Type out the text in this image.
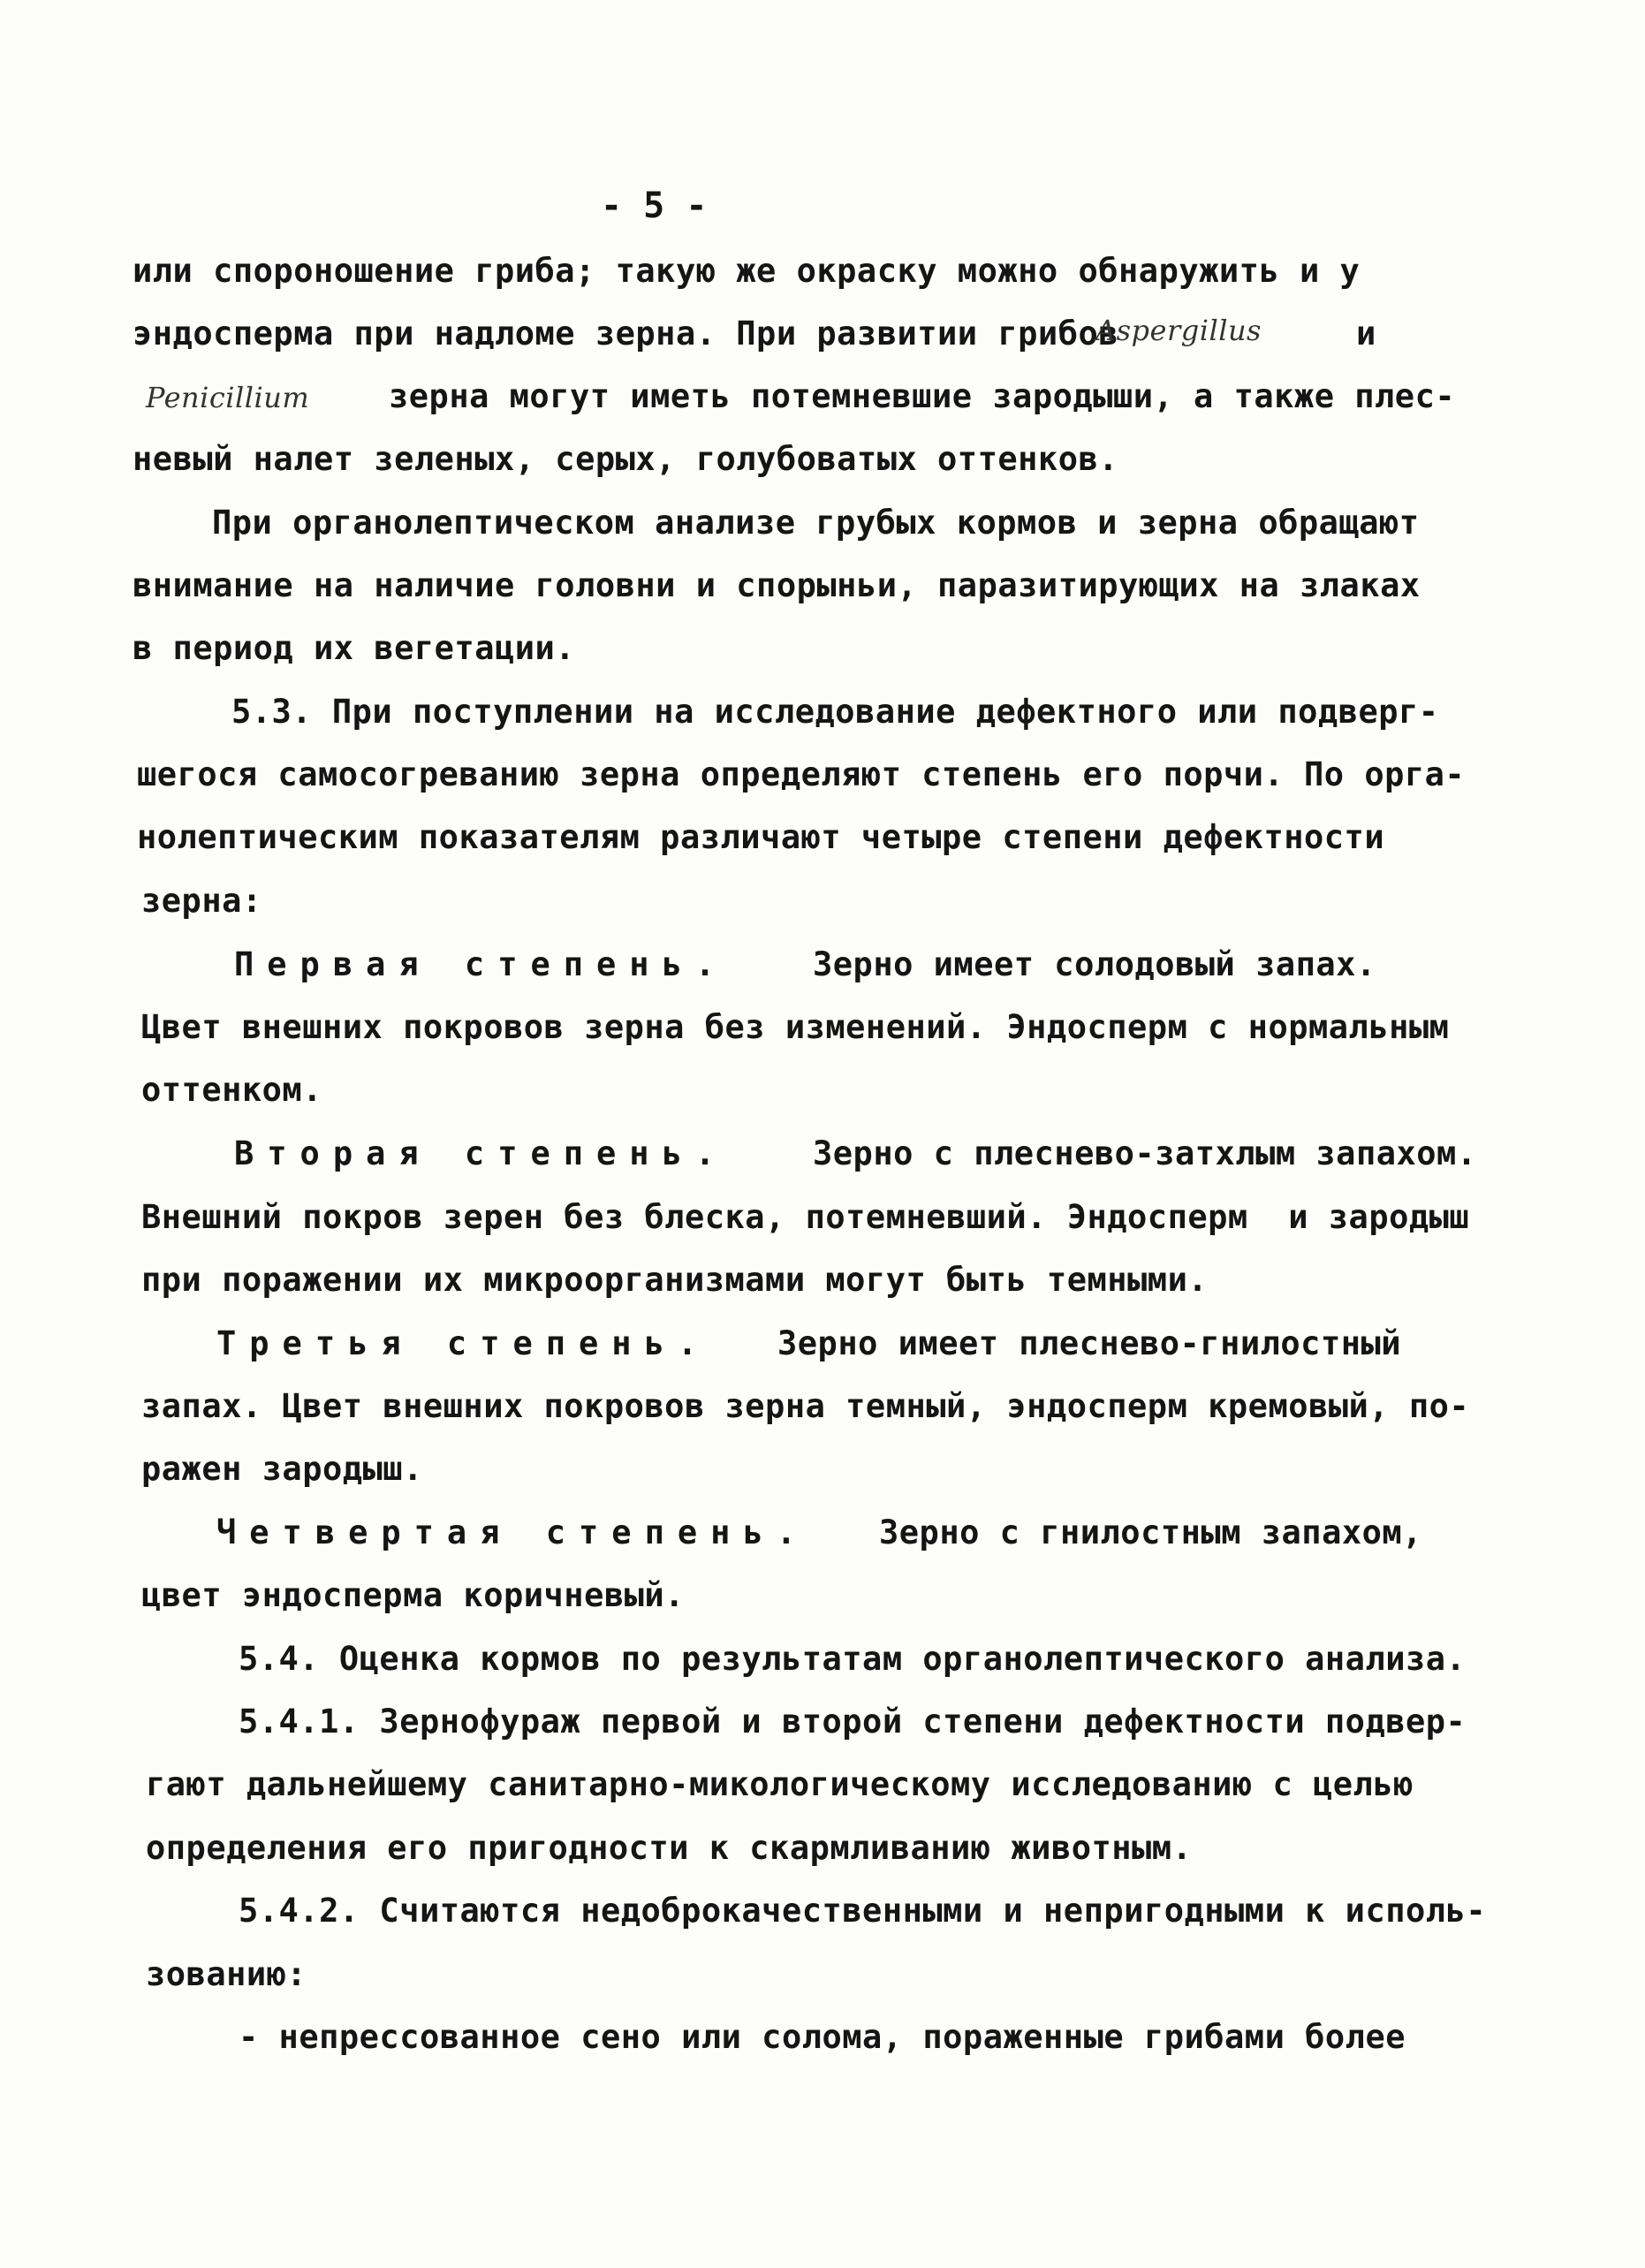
- 5 -
или спороношение гриба; такую же окраску можно обнаружить и у
эндосперма при надломе зерна. При развитии грибов
Aspergillus	и
Penicillium зерна могут иметь потемневшие зародыши, а также плес-
невый налет зеленых, серых, голубоватых оттенков.
При органолептическом анализе грубых кормов и зерна обращают
внимание на наличие головни и спорыньи, паразитирующих на злаках
в период их вегетации.
5.3. При поступлении на исследование дефектного или подверг-
шегося самосогреванию зерна определяют степень его порчи. По орга-
нолептическим показателям различают четыре степени дефектности
зерна:
Первая степень.	Зерно имеет солодовый запах.
Цвет внешних покровов зерна без изменений. Эндосперм с нормальным
оттенком.
Вторая степень.	Зерно с плесневo-затхлым запахом.
Внешний покров зерен без блеска, потемневший. Эндосперм  и зародыш
при поражении их микроорганизмами могут быть темными.
Третья степень. Зерно имеет плесневo-гнилостный
запах. Цвет внешних покровов зерна темный, эндосперм кремовый, по-
ражен зародыш.
Четвертая степень. Зерно с гнилостным запахом,
цвет эндосперма коричневый.
5.4. Оценка кормов по результатам органолептического анализа.
5.4.1. Зернофураж первой и второй степени дефектности подвер-
гают дальнейшему санитарно-микологическому исследованию с целью
определения его пригодности к скармливанию животным.
5.4.2. Считаются недоброкачественными и непригодными к исполь-
зованию:
- непрессованное сено или солома, пораженные грибами более
